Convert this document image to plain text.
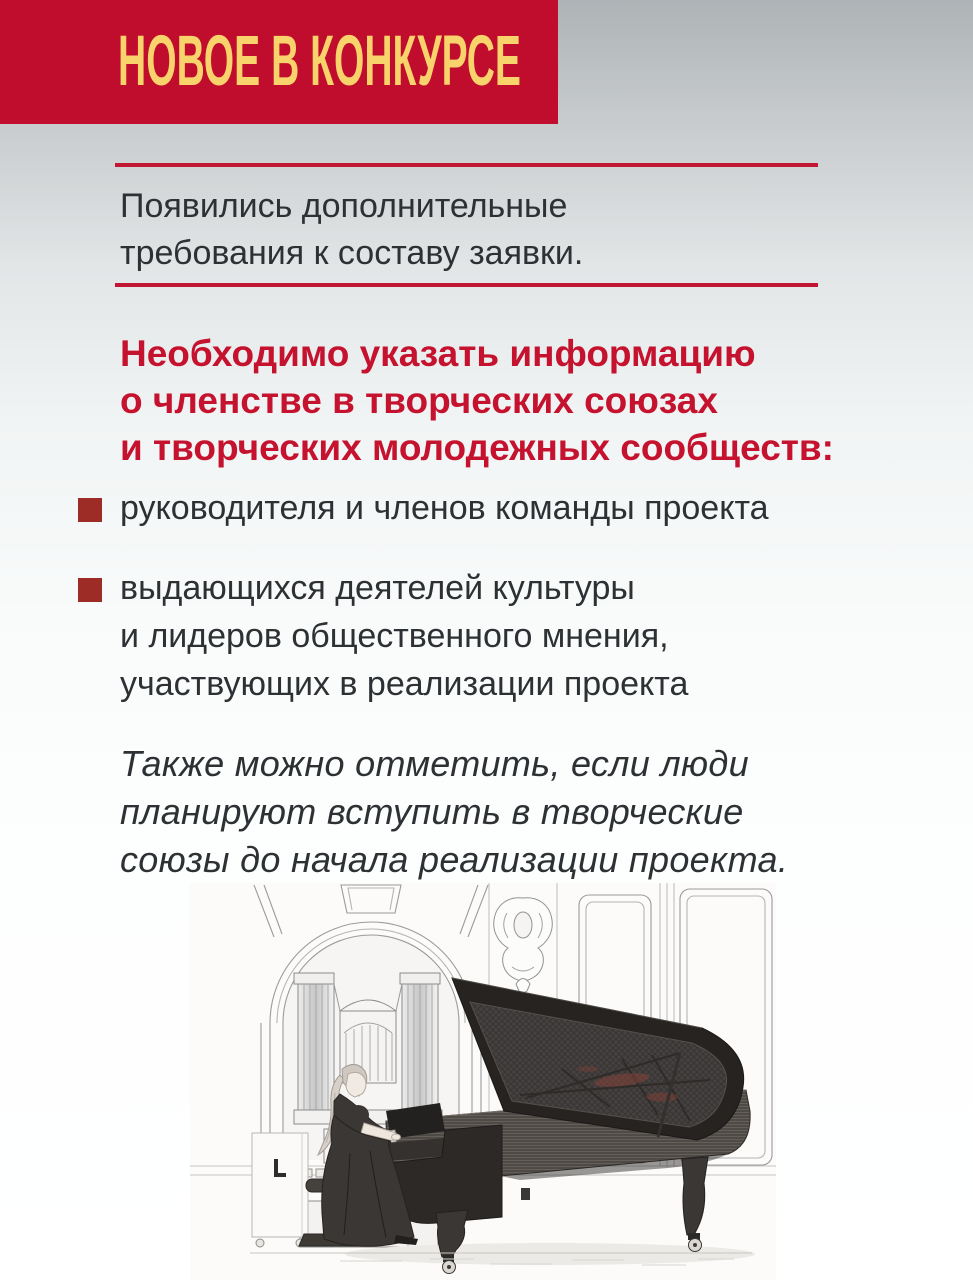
НОВОЕ В КОНКУРСЕ
Появились дополнительные
требования к составу заявки.
Необходимо указать информацию
о членстве в творческих союзах
и творческих молодежных сообществ:
руководителя и членов команды проекта
выдающихся деятелей культуры
и лидеров общественного мнения,
участвующих в реализации проекта
Также можно отметить, если люди
планируют вступить в творческие
союзы до начала реализации проекта.
